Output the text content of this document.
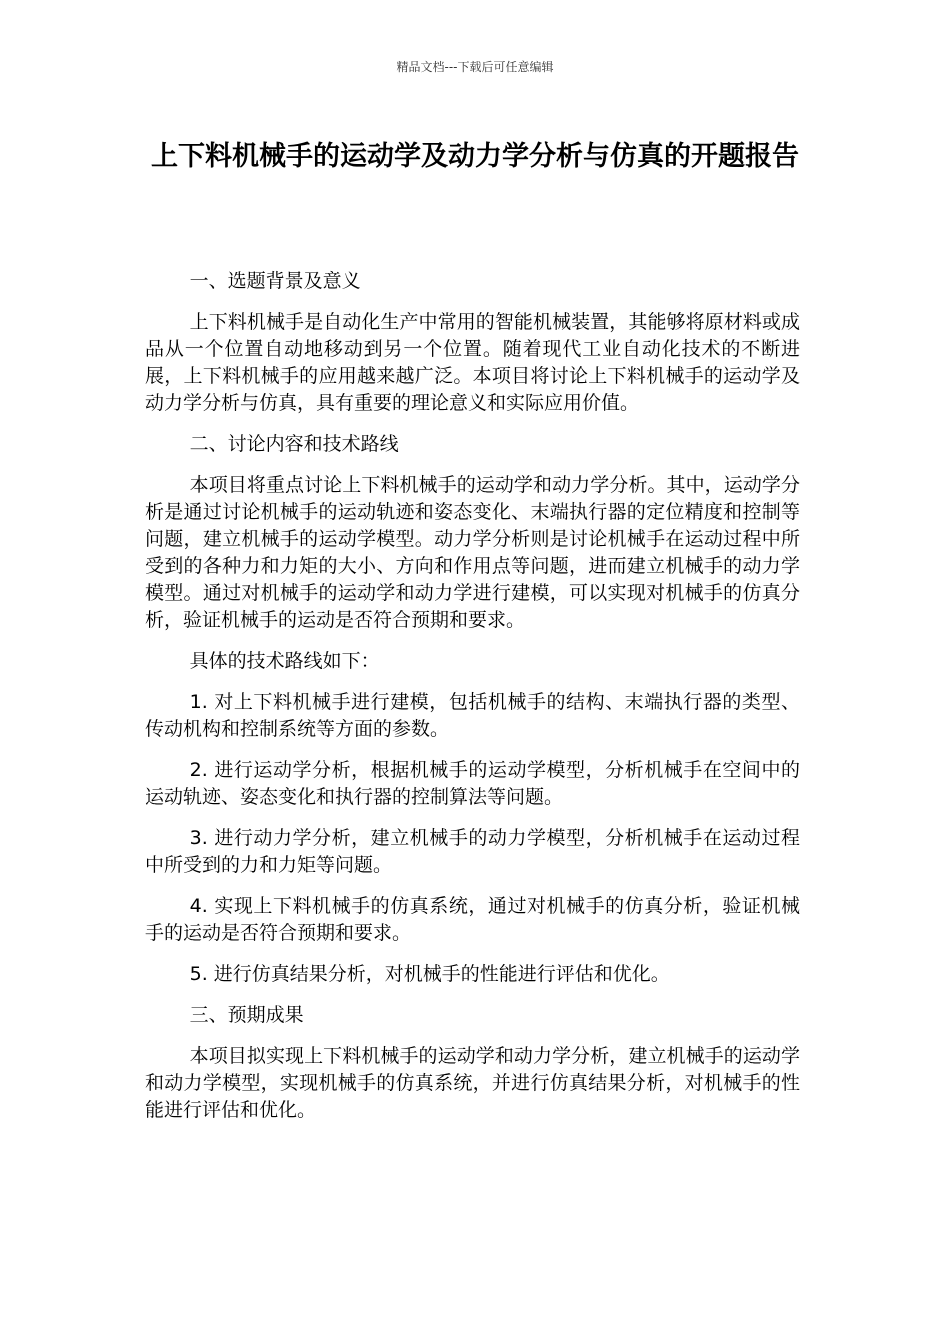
精品文档---下载后可任意编辑
上下料机械手的运动学及动力学分析与仿真的开题报告

一、选题背景及意义

上下料机械手是自动化生产中常用的智能机械装置，其能够将原材料或成品从一个位置自动地移动到另一个位置。随着现代工业自动化技术的不断进展，上下料机械手的应用越来越广泛。本项目将讨论上下料机械手的运动学及动力学分析与仿真，具有重要的理论意义和实际应用价值。

二、讨论内容和技术路线

本项目将重点讨论上下料机械手的运动学和动力学分析。其中，运动学分析是通过讨论机械手的运动轨迹和姿态变化、末端执行器的定位精度和控制等问题，建立机械手的运动学模型。动力学分析则是讨论机械手在运动过程中所受到的各种力和力矩的大小、方向和作用点等问题，进而建立机械手的动力学模型。通过对机械手的运动学和动力学进行建模，可以实现对机械手的仿真分析，验证机械手的运动是否符合预期和要求。

具体的技术路线如下：

1. 对上下料机械手进行建模，包括机械手的结构、末端执行器的类型、传动机构和控制系统等方面的参数。

2. 进行运动学分析，根据机械手的运动学模型，分析机械手在空间中的运动轨迹、姿态变化和执行器的控制算法等问题。

3. 进行动力学分析，建立机械手的动力学模型，分析机械手在运动过程中所受到的力和力矩等问题。

4. 实现上下料机械手的仿真系统，通过对机械手的仿真分析，验证机械手的运动是否符合预期和要求。

5. 进行仿真结果分析，对机械手的性能进行评估和优化。

三、预期成果

本项目拟实现上下料机械手的运动学和动力学分析，建立机械手的运动学和动力学模型，实现机械手的仿真系统，并进行仿真结果分析，对机械手的性能进行评估和优化。
